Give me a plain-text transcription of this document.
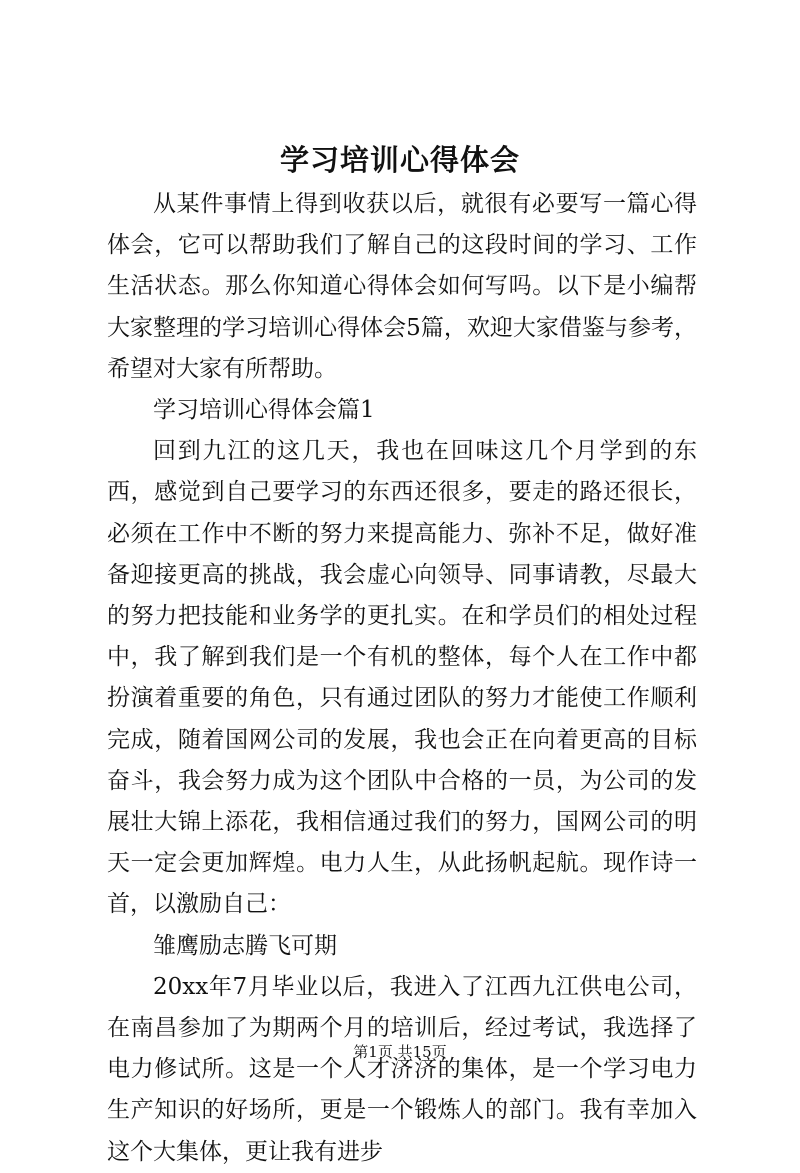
学习培训心得体会

从某件事情上得到收获以后，就很有必要写一篇心得体会，它可以帮助我们了解自己的这段时间的学习、工作生活状态。那么你知道心得体会如何写吗。以下是小编帮大家整理的学习培训心得体会5篇，欢迎大家借鉴与参考，希望对大家有所帮助。

学习培训心得体会篇1

回到九江的这几天，我也在回味这几个月学到的东西，感觉到自己要学习的东西还很多，要走的路还很长，必须在工作中不断的努力来提高能力、弥补不足，做好准备迎接更高的挑战，我会虚心向领导、同事请教，尽最大的努力把技能和业务学的更扎实。在和学员们的相处过程中，我了解到我们是一个有机的整体，每个人在工作中都扮演着重要的角色，只有通过团队的努力才能使工作顺利完成，随着国网公司的发展，我也会正在向着更高的目标奋斗，我会努力成为这个团队中合格的一员，为公司的发展壮大锦上添花，我相信通过我们的努力，国网公司的明天一定会更加辉煌。电力人生，从此扬帆起航。现作诗一首，以激励自己：

雏鹰励志腾飞可期

20xx年7月毕业以后，我进入了江西九江供电公司，在南昌参加了为期两个月的培训后，经过考试，我选择了电力修试所。这是一个人才济济的集体，是一个学习电力生产知识的好场所，更是一个锻炼人的部门。我有幸加入这个大集体，更让我有进步

第1页 共15页
